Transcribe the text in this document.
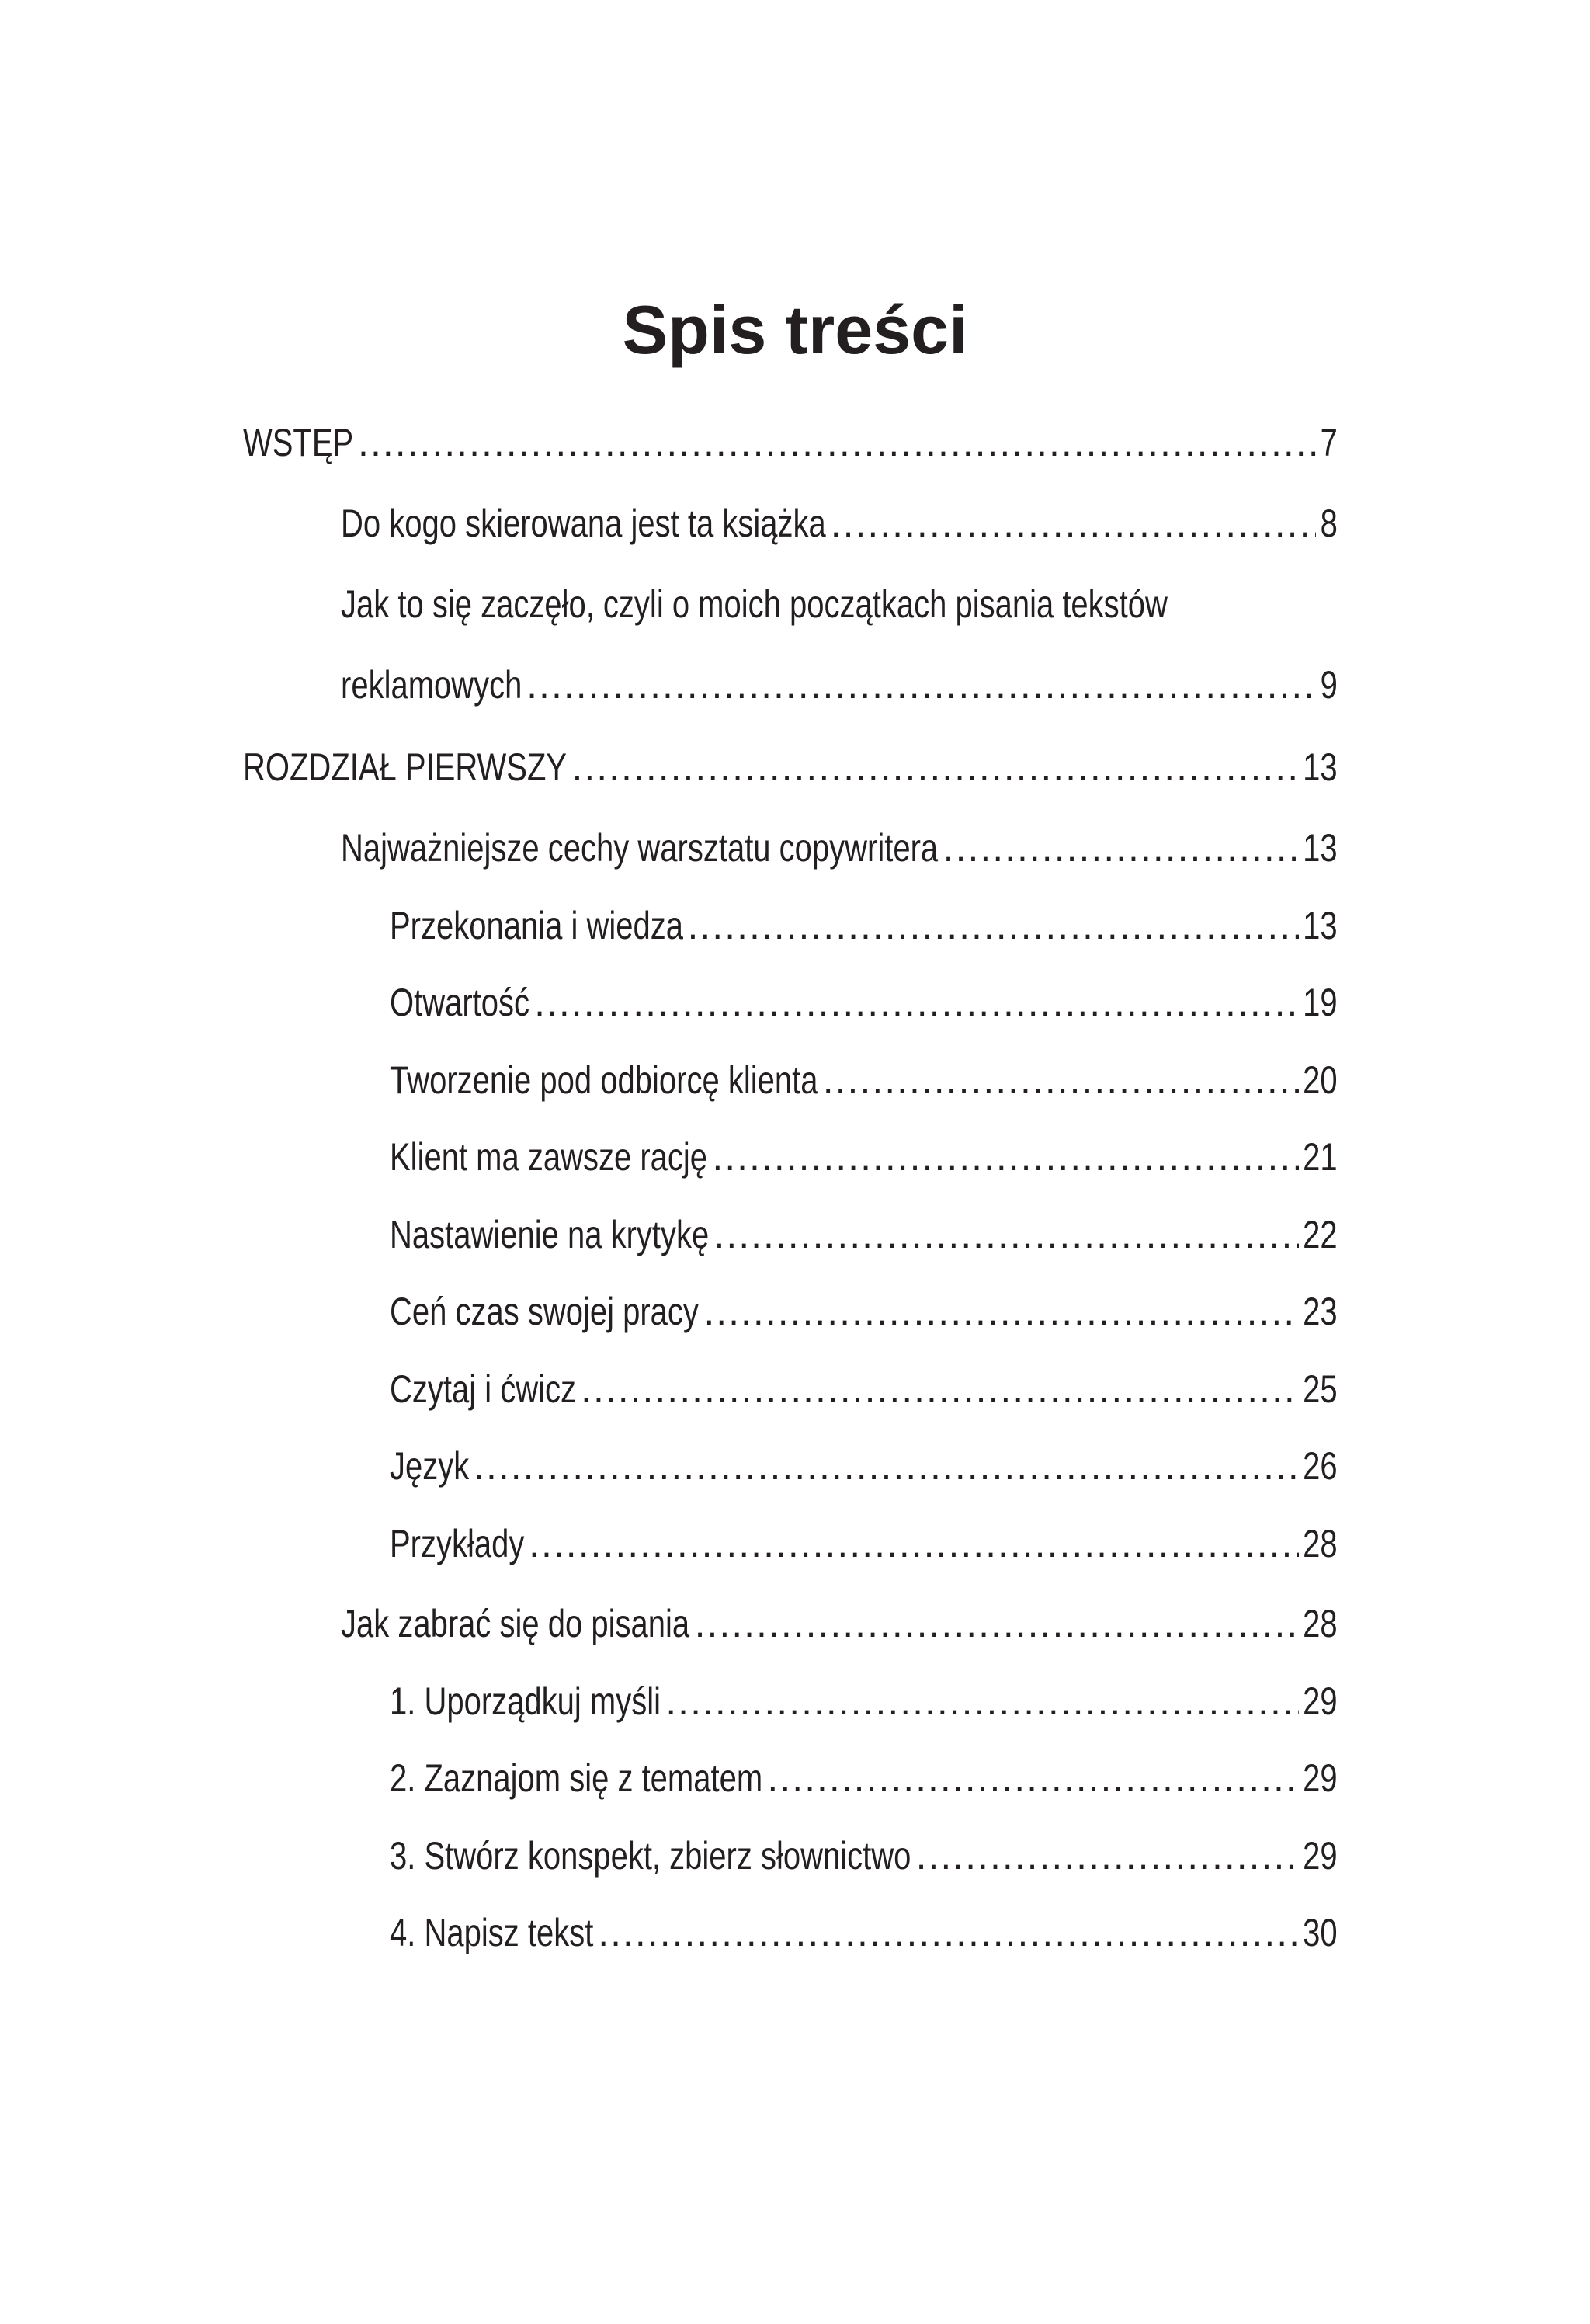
Spis treści
WSTĘP .....	7
Do kogo skierowana jest ta książka .....	8
Jak to się zaczęło, czyli o moich początkach pisania tekstów
reklamowych .....	9
ROZDZIAŁ PIERWSZY .....	13
Najważniejsze cechy warsztatu copywritera .....	13
Przekonania i wiedza .....	13
Otwartość .....	19
Tworzenie pod odbiorcę klienta .....	20
Klient ma zawsze rację .....	21
Nastawienie na krytykę .....	22
Ceń czas swojej pracy .....	23
Czytaj i ćwicz .....	25
Język .....	26
Przykłady .....	28
Jak zabrać się do pisania .....	28
1. Uporządkuj myśli .....	29
2. Zaznajom się z tematem .....	29
3. Stwórz konspekt, zbierz słownictwo .....	29
4. Napisz tekst .....	30
